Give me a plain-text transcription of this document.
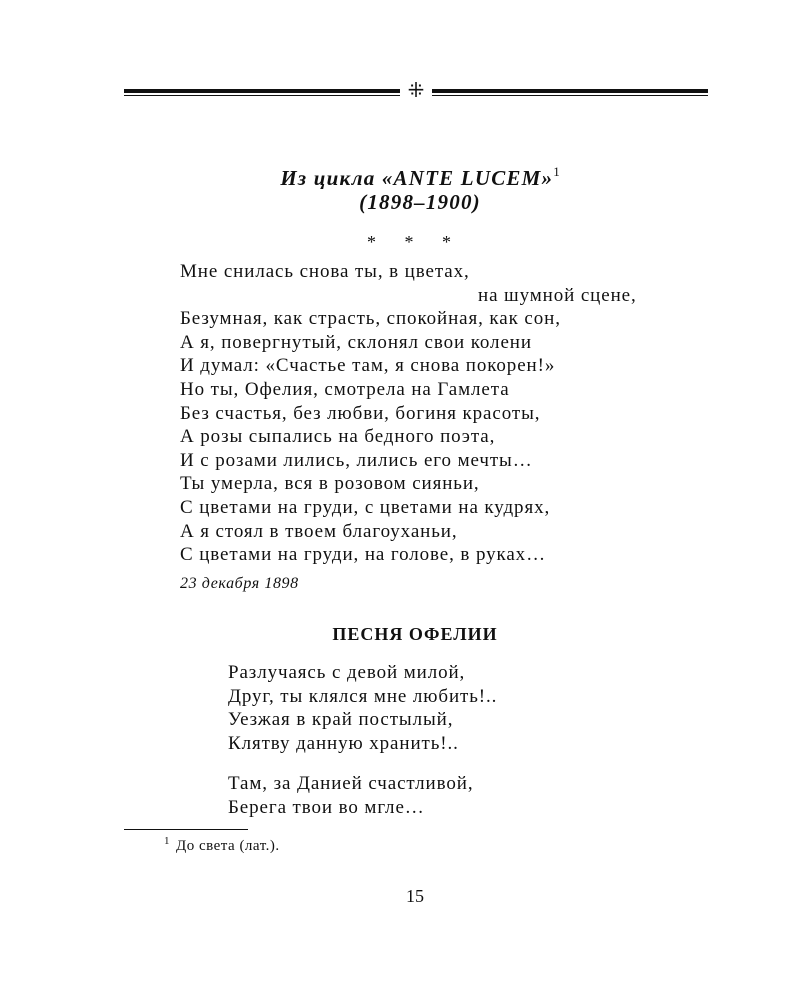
⁜
Из цикла «ANTE LUCEM»$^1$
(1898–1900)
* * *
Мне снилась снова ты, в цветах,
на шумной сцене,
Безумная, как страсть, спокойная, как сон,
А я, повергнутый, склонял свои колени
И думал: «Счастье там, я снова покорен!»
Но ты, Офелия, смотрела на Гамлета
Без счастья, без любви, богиня красоты,
А розы сыпались на бедного поэта,
И с розами лились, лились его мечты…
Ты умерла, вся в розовом сияньи,
С цветами на груди, с цветами на кудрях,
А я стоял в твоем благоуханьи,
С цветами на груди, на голове, в руках…
23 декабря 1898
ПЕСНЯ ОФЕЛИИ
Разлучаясь с девой милой,
Друг, ты клялся мне любить!..
Уезжая в край постылый,
Клятву данную хранить!..
Там, за Данией счастливой,
Берега твои во мгле…
$^1$ До света (лат.).
15
